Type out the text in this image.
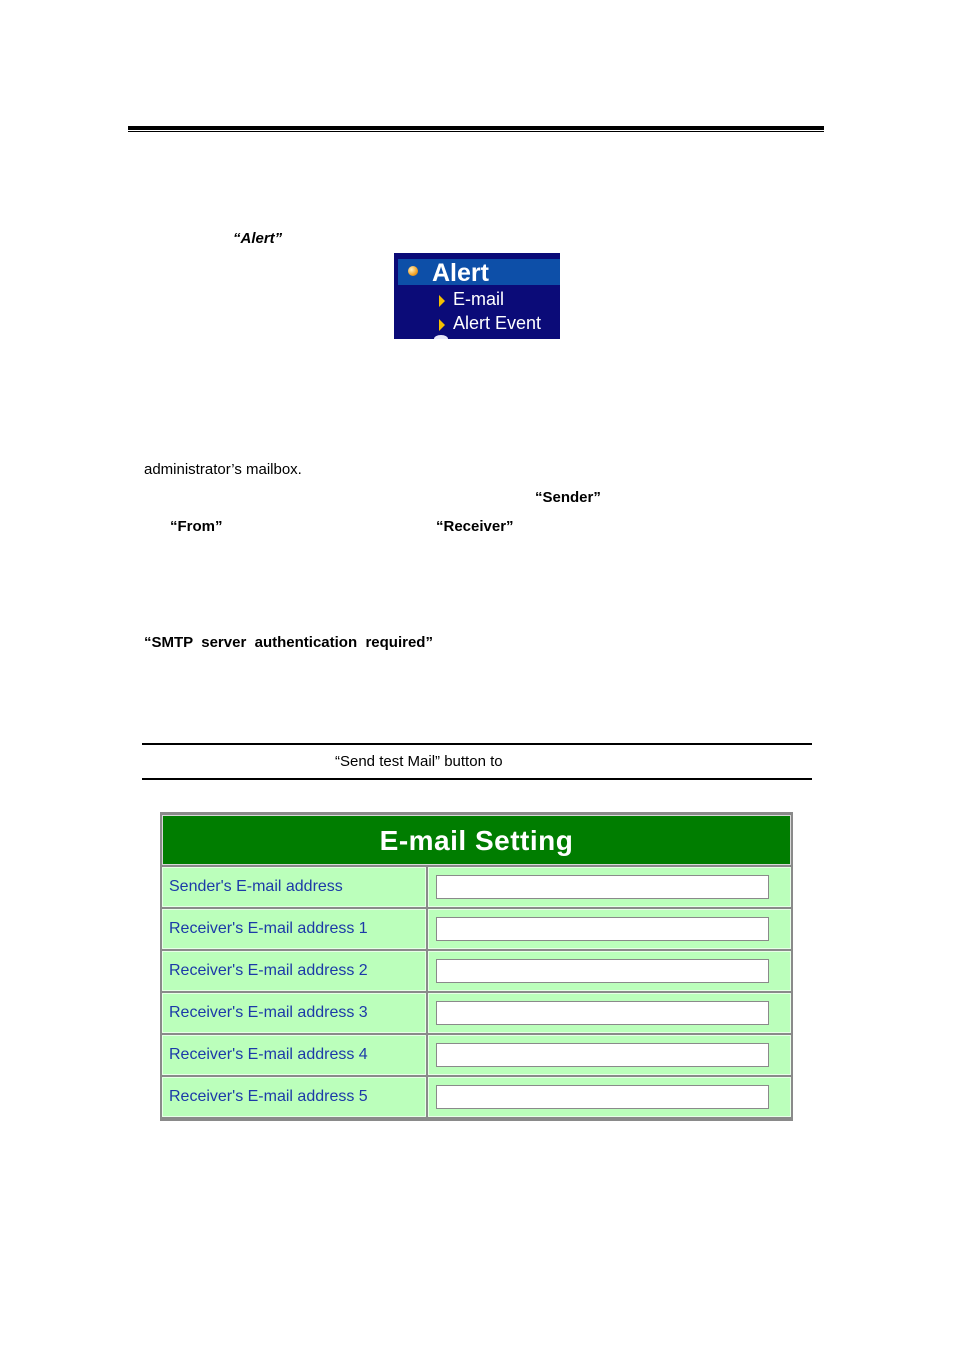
“Alert”
Alert
E-mail
Alert Event
administrator’s mailbox.
“Sender”
“From”	“Receiver”
“SMTP  server  authentication  required”
“Send test Mail” button to
E-mail Setting
Sender's E-mail address
Receiver's E-mail address 1
Receiver's E-mail address 2
Receiver's E-mail address 3
Receiver's E-mail address 4
Receiver's E-mail address 5
